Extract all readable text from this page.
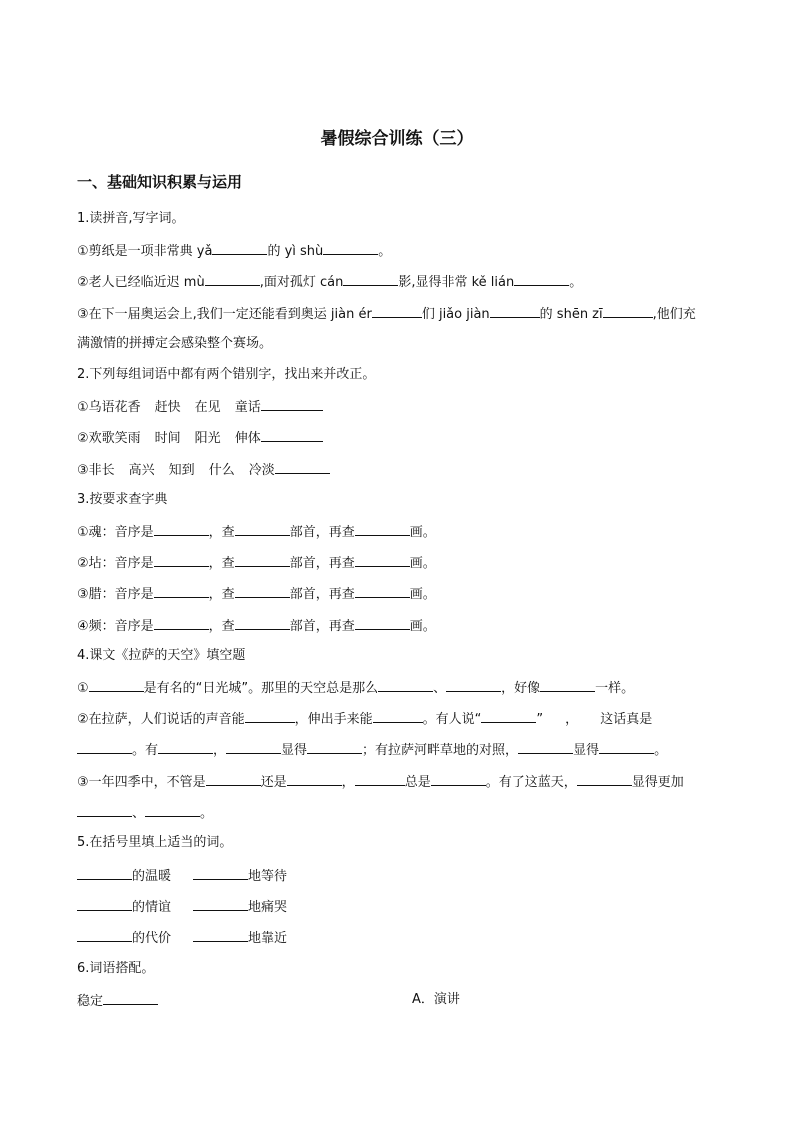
暑假综合训练（三）
一、基础知识积累与运用
1.读拼音,写字词。
①剪纸是一项非常典 yǎ	的 yì shù	。
②老人已经临近迟 mù	,面对孤灯 cán	影,显得非常 kě lián	。
③在下一届奥运会上,我们一定还能看到奥运 jiàn ér	们 jiǎo jiàn	的 shēn zī	,他们充
满激情的拼搏定会感染整个赛场。
2.下列每组词语中都有两个错别字，找出来并改正。
①乌语花香 赶快 在见 童话
②欢歌笑雨 时间 阳光 伸体
③非长 高兴 知到 什么 冷淡
3.按要求查字典
①魂：音序是	，查	部首，再查	画。
②坫：音序是	，查	部首，再查	画。
③腊：音序是	，查	部首，再查	画。
④频：音序是	，查	部首，再查	画。
4.课文《拉萨的天空》填空题
①	是有名的“日光城”。那里的天空总是那么	、	，好像	一样。
②在拉萨，人们说话的声音能	，伸出手来能	。有人说“	” ， 这话真是
。有	，	显得	；有拉萨河畔草地的对照，	显得	。
③一年四季中，不管是	还是	，	总是	。有了这蓝天，	显得更加
、	。
5.在括号里填上适当的词。
的温暖	地等待
的情谊	地痛哭
的代价	地靠近
6.词语搭配。
稳定	A．演讲
